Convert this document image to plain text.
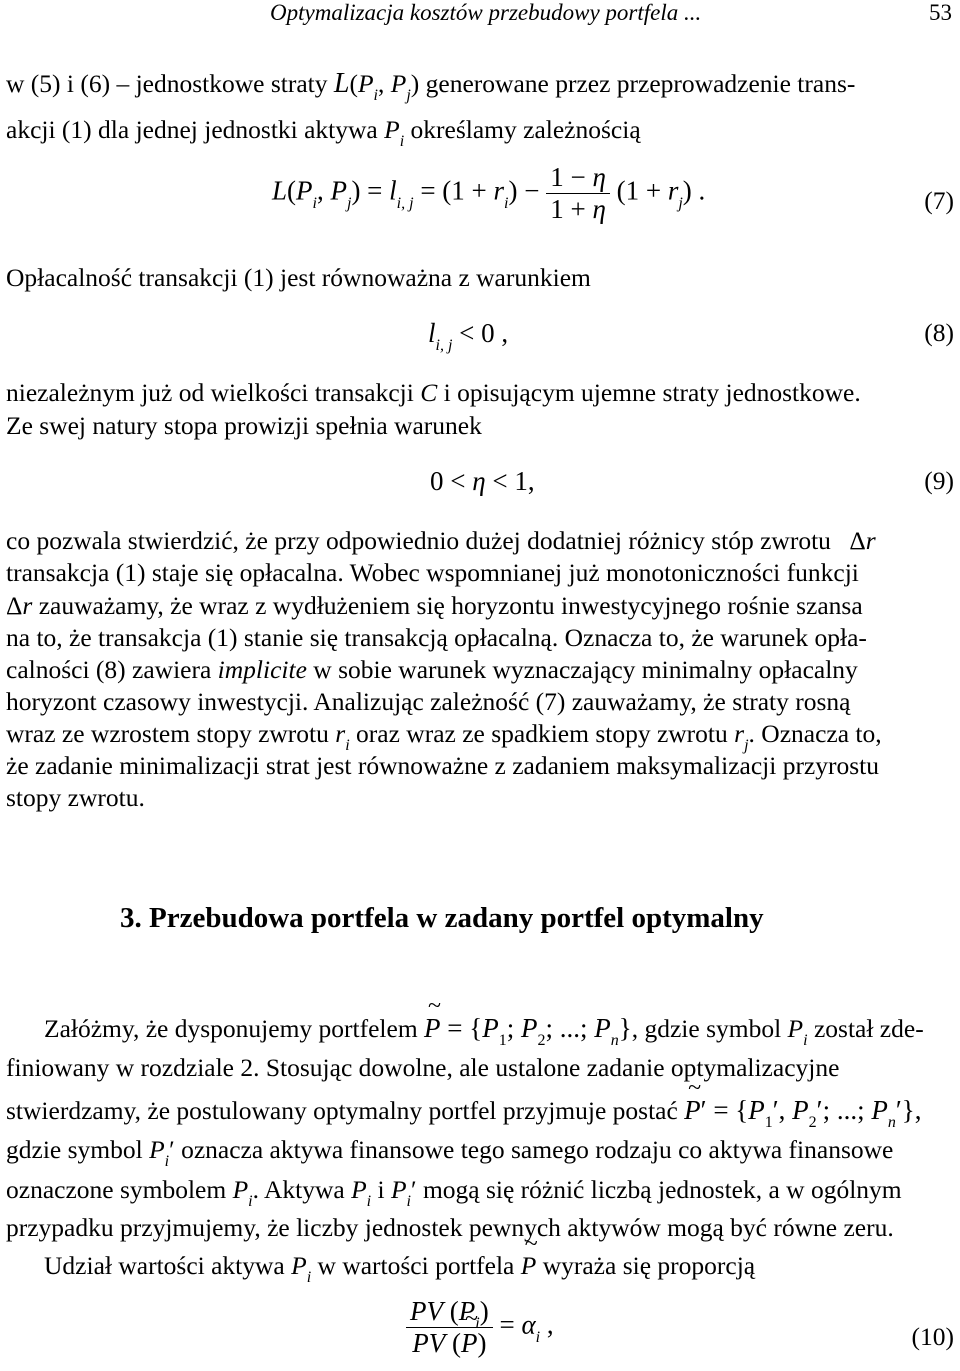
Optymalizacja kosztów przebudowy portfela ...	53
w (5) i (6) – jednostkowe straty $L(P_i$, $P_j$) generowane przez przeprowadzenie trans-
akcji (1) dla jednej jednostki aktywa $P_i$ określamy zależnością
$L(P_i$, $P_j) = l_{i, j} = (1 + r_i) - \frac{1 - \eta}{1 + \eta} (1 + r_j)$ .	(7)
Opłacalność transakcji (1) jest równoważna z warunkiem
$l_{i, j} < 0$ ,	(8)
niezależnym już od wielkości transakcji C i opisującym ujemne straty jednostkowe.
Ze swej natury stopa prowizji spełnia warunek
0 < η < 1,	(9)
co pozwala stwierdzić, że przy odpowiednio dużej dodatniej różnicy stóp zwrotu Δr
transakcja (1) staje się opłacalna. Wobec wspomnianej już monotoniczności funkcji
Δr zauważamy, że wraz z wydłużeniem się horyzontu inwestycyjnego rośnie szansa
na to, że transakcja (1) stanie się transakcją opłacalną. Oznacza to, że warunek opła-
calności (8) zawiera implicite w sobie warunek wyznaczający minimalny opłacalny
horyzont czasowy inwestycji. Analizując zależność (7) zauważamy, że straty rosną
wraz ze wzrostem stopy zwrotu $r_i$ oraz wraz ze spadkiem stopy zwrotu $r_j$. Oznacza to,
że zadanie minimalizacji strat jest równoważne z zadaniem maksymalizacji przyrostu
stopy zwrotu.
3. Przebudowa portfela w zadany portfel optymalny
Załóżmy, że dysponujemy portfelem ~ $P = \{P_1$; $P_2$; ...; $P_n$}, gdzie symbol $P_i$ został zde-
finiowany w rozdziale 2. Stosując dowolne, ale ustalone zadanie optymalizacyjne
stwierdzamy, że postulowany optymalny portfel przyjmuje postać ~ $P' = \{P_1'$, $P_2'$; ...; $P_n'$},
gdzie symbol $P_i'$ oznacza aktywa finansowe tego samego rodzaju co aktywa finansowe
oznaczone symbolem $P_i$. Aktywa $P_i$ i $P_i'$ mogą się różnić liczbą jednostek, a w ogólnym
przypadku przyjmujemy, że liczby jednostek pewnych aktywów mogą być równe zeru.
Udział wartości aktywa $P_i$ w wartości portfela ~ P wyraża się proporcją
$\frac{PV (P_i)}{PV (\sim P)} = \alpha_i$ ,	(10)
